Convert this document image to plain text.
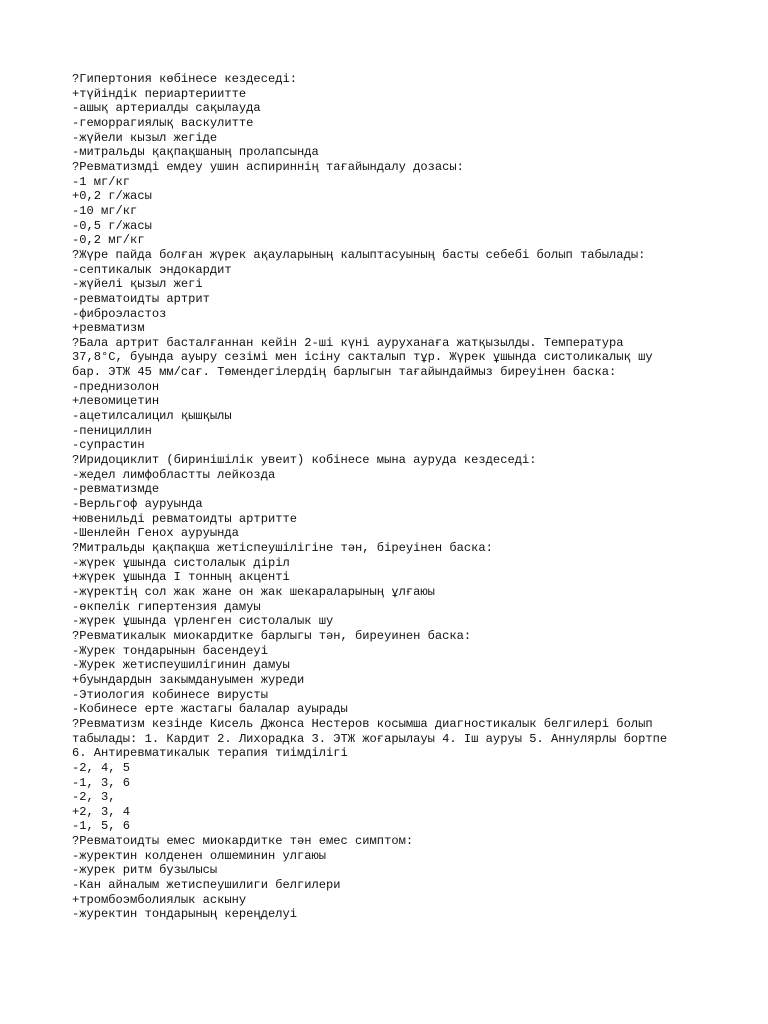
?Гипертония көбінесе кездеседі:
+түйіндік периартериитте
-ашық артериалды сақылауда
-геморрагиялық васкулитте
-жүйели кызыл жегіде
-митральды қақпақшаның пролапсында
?Ревматизмді емдеу ушин аспириннің тағайындалу дозасы:
-1 мг/кг
+0,2 г/жасы
-10 мг/кг
-0,5 г/жасы
-0,2 мг/кг
?Жүре пайда болған жүрек ақауларының калыптасуының басты себебі болып табылады:
-септикалык эндокардит
-жүйелі қызыл жегі
-ревматоидты артрит
-фиброэластоз
+ревматизм
?Бала артрит басталғаннан кейін 2-ші күні ауруханаға жатқызылды. Температура
37,8°С, буында ауыру сезімі мен ісіну сакталып тұр. Жүрек ұшында систоликалық шу
бар. ЭТЖ 45 мм/сағ. Төмендегілердің барлыгын тағайындаймыз биреуінен баска:
-преднизолон
+левомицетин
-ацетилсалицил қышқылы
-пенициллин
-супрастин
?Иридоциклит (биринішілік увеит) кобінесе мына ауруда кездеседі:
-жедел лимфобластты лейкозда
-ревматизмде
-Верльгоф ауруында
+ювенильді ревматоидты артритте
-Шенлейн Генох ауруында
?Митральды қақпақша жетіспеушілігіне тән, біреуінен баска:
-жүрек ұшында систолалык діріл
+жүрек ұшында І тонның акценті
-жүректің сол жак жане он жак шекараларының ұлғаюы
-өкпелік гипертензия дамуы
-жүрек ұшында үрленген систолалык шу
?Ревматикалык миокардитке барлыгы тән, биреуинен баска:
-Журек тондарынын басендеуі
-Журек жетиспеушилігинин дамуы
+буындардын закымдануымен журеди
-Этиология кобинесе вирусты
-Кобинесе ерте жастагы балалар ауырады
?Ревматизм кезінде Кисель Джонса Нестеров косымша диагностикалык белгилері болып
табылады: 1. Кардит 2. Лихорадка 3. ЭТЖ жоғарылауы 4. Іш ауруы 5. Аннулярлы бортпе
6. Антиревматикалык терапия тиімділігі
-2, 4, 5
-1, 3, 6
-2, 3,
+2, 3, 4
-1, 5, 6
?Ревматоидты емес миокардитке тән емес симптом:
-журектин колденен олшеминин улгаюы
-журек ритм бузылысы
-Кан айналым жетиспеушилиги белгилери
+тромбоэмболиялык аскыну
-журектин тондарының кереңделуі
